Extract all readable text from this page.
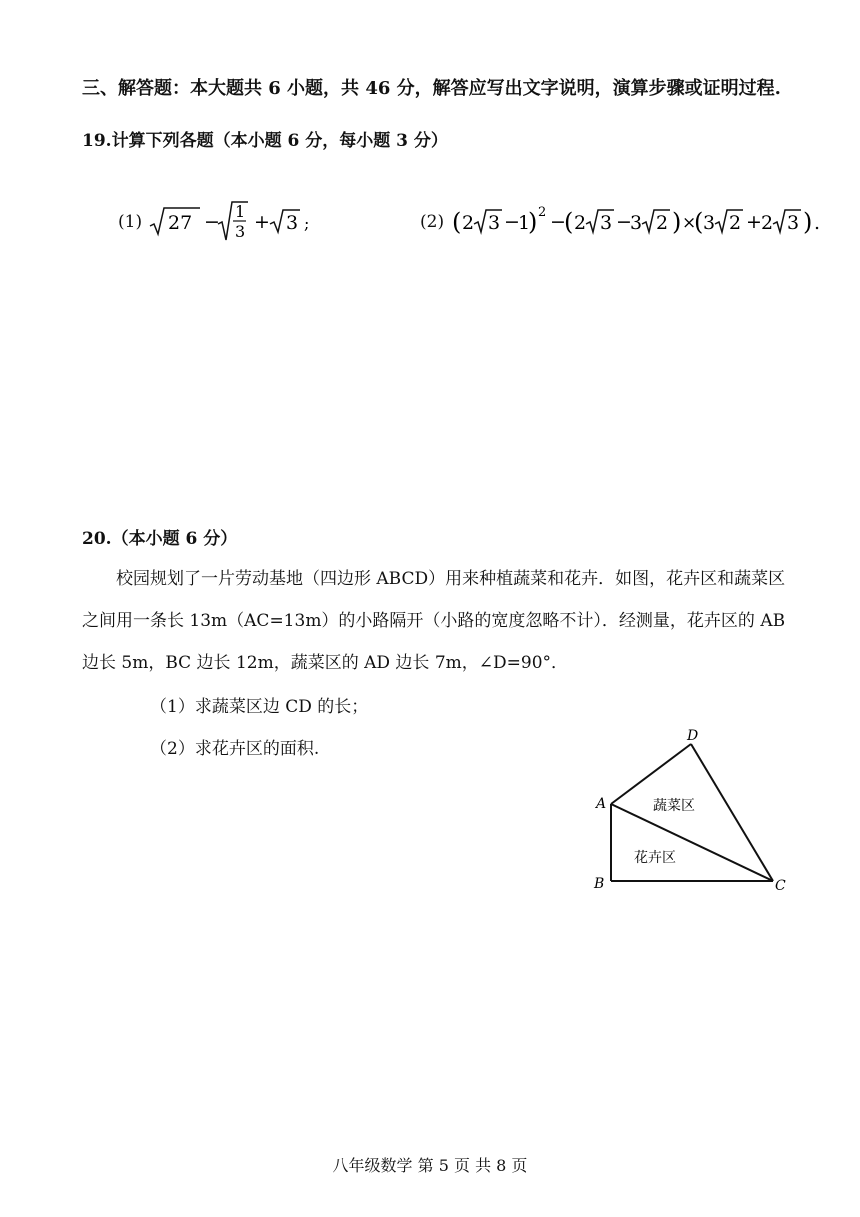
三、解答题：本大题共 6 小题，共 46 分，解答应写出文字说明，演算步骤或证明过程.
19.计算下列各题（本小题 6 分，每小题 3 分）
(1) 27 − 1
3 + 3 ;	(2) ( 2 3 −
1
) 2 −
( 2 3 −
3 2 ) ×
( 3 2 + 2 3 ) .
20.（本小题 6 分）
校园规划了一片劳动基地（四边形 ABCD）用来种植蔬菜和花卉．如图，花卉区和蔬菜区之间用一条长 13m（AC=13m）的小路隔开（小路的宽度忽略不计）．经测量，花卉区的 AB 边长 5m，BC 边长 12m，蔬菜区的 AD 边长 7m，∠D=90°．
（1）求蔬菜区边 CD 的长；
（2）求花卉区的面积.
D
A
B	C
蔬菜区
花卉区
八年级数学 第 5 页 共 8 页
